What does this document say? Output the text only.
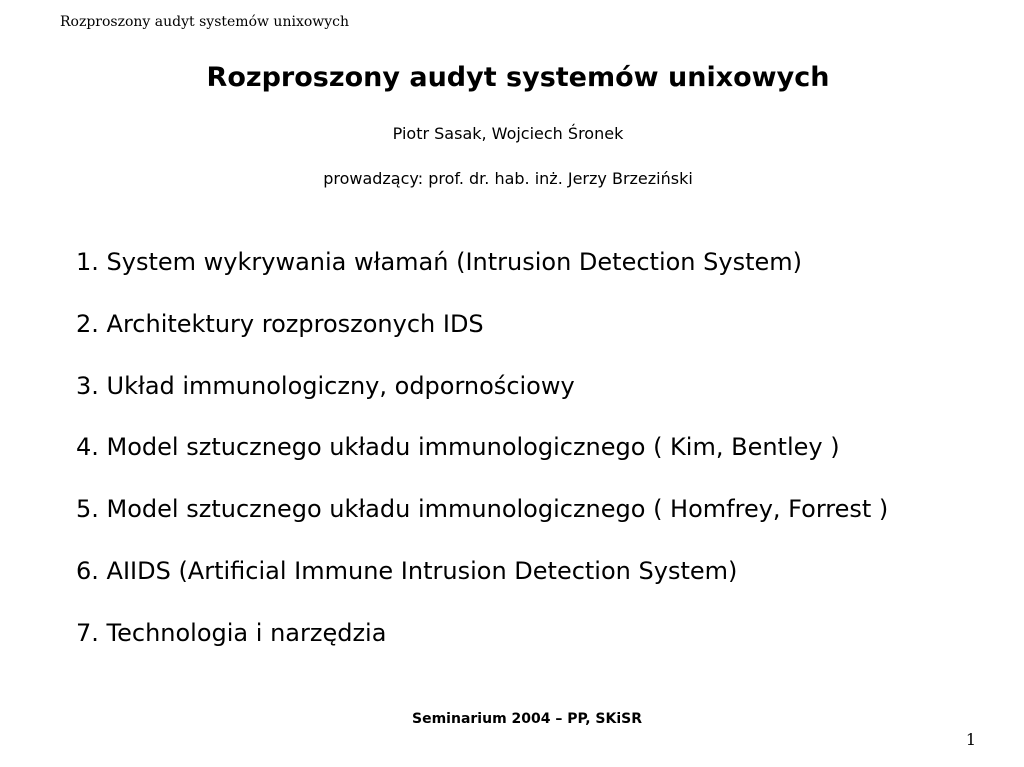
Rozproszony audyt systemów unixowych
Rozproszony audyt systemów unixowych
Piotr Sasak, Wojciech Śronek
prowadzący: prof. dr. hab. inż. Jerzy Brzeziński
1. System wykrywania włamań (Intrusion Detection System)
2. Architektury rozproszonych IDS
3. Układ immunologiczny, odpornościowy
4. Model sztucznego układu immunologicznego ( Kim, Bentley )
5. Model sztucznego układu immunologicznego ( Homfrey, Forrest )
6. AIIDS (Artificial Immune Intrusion Detection System)
7. Technologia i narzędzia
Seminarium 2004 – PP, SKiSR
1
